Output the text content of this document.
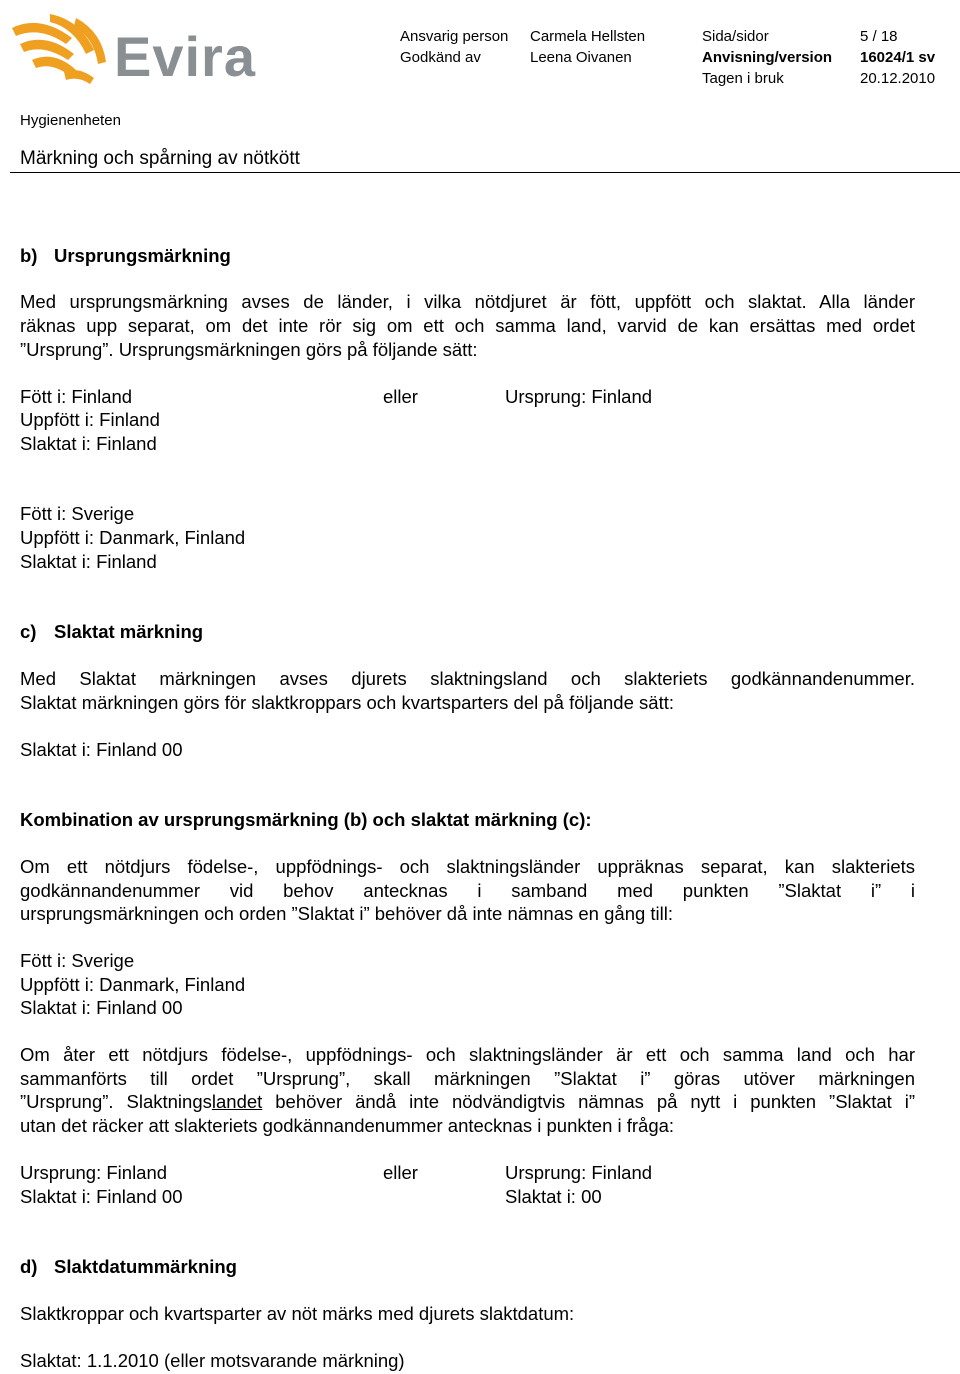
Evira	Ansvarig person Carmela Hellsten	Sida/sidor	5 / 18
Godkänd av	Leena Oivanen	Anvisning/version 16024/1 sv
Tagen i bruk	20.12.2010
Hygienenheten
Märkning och spårning av nötkött
b) Ursprungsmärkning
Med ursprungsmärkning avses de länder, i vilka nötdjuret är fött, uppfött och slaktat. Alla länder
räknas upp separat, om det inte rör sig om ett och samma land, varvid de kan ersättas med ordet
”Ursprung”. Ursprungsmärkningen görs på följande sätt:
Fött i: Finland	eller	Ursprung: Finland
Uppfött i: Finland
Slaktat i: Finland
Fött i: Sverige
Uppfött i: Danmark, Finland
Slaktat i: Finland
c) Slaktat märkning
Med Slaktat märkningen avses djurets slaktningsland och slakteriets godkännandenummer.
Slaktat märkningen görs för slaktkroppars och kvartsparters del på följande sätt:
Slaktat i: Finland 00
Kombination av ursprungsmärkning (b) och slaktat märkning (c):
Om ett nötdjurs födelse-, uppfödnings- och slaktningsländer uppräknas separat, kan slakteriets
godkännandenummer vid behov antecknas i samband med punkten ”Slaktat i” i
ursprungsmärkningen och orden ”Slaktat i” behöver då inte nämnas en gång till:
Fött i: Sverige
Uppfött i: Danmark, Finland
Slaktat i: Finland 00
Om åter ett nötdjurs födelse-, uppfödnings- och slaktningsländer är ett och samma land och har
sammanförts till ordet ”Ursprung”, skall märkningen ”Slaktat i” göras utöver märkningen
”Ursprung”. Slaktningslandet behöver ändå inte nödvändigtvis nämnas på nytt i punkten ”Slaktat i”
utan det räcker att slakteriets godkännandenummer antecknas i punkten i fråga:
Ursprung: Finland	eller	Ursprung: Finland
Slaktat i: Finland 00	Slaktat i: 00
d) Slaktdatummärkning
Slaktkroppar och kvartsparter av nöt märks med djurets slaktdatum:
Slaktat: 1.1.2010 (eller motsvarande märkning)
